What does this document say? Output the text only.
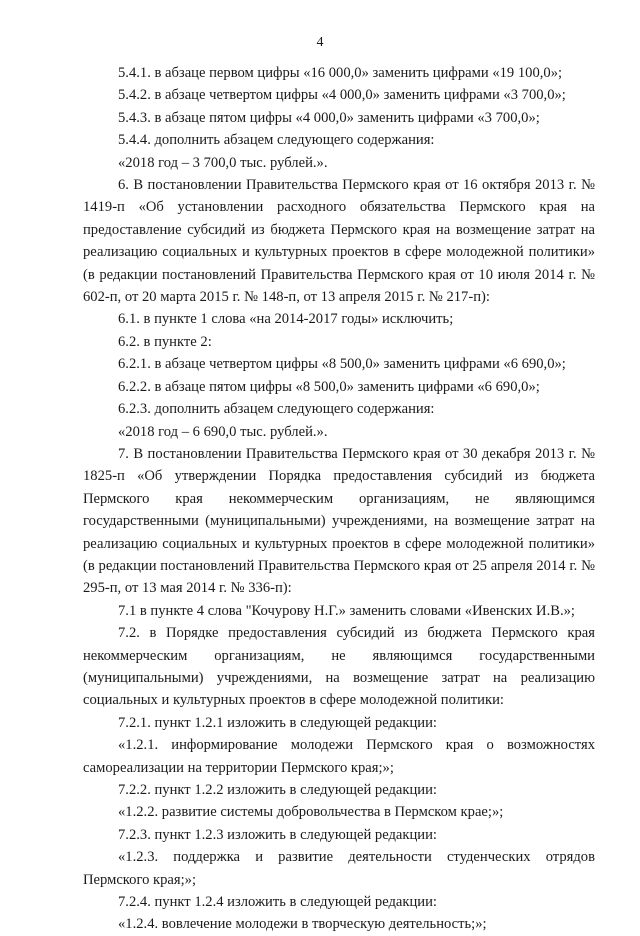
4

5.4.1. в абзаце первом цифры «16 000,0» заменить цифрами «19 100,0»;

5.4.2. в абзаце четвертом цифры «4 000,0» заменить цифрами «3 700,0»;

5.4.3. в абзаце пятом цифры «4 000,0» заменить цифрами «3 700,0»;

5.4.4. дополнить абзацем следующего содержания:

«2018 год – 3 700,0 тыс. рублей.».

6. В постановлении Правительства Пермского края от 16 октября 2013 г. № 1419-п «Об установлении расходного обязательства Пермского края на предоставление субсидий из бюджета Пермского края на возмещение затрат на реализацию социальных и культурных проектов в сфере молодежной политики» (в редакции постановлений Правительства Пермского края от 10 июля 2014 г. № 602-п, от 20 марта 2015 г. № 148-п, от 13 апреля 2015 г. № 217-п):

6.1. в пункте 1 слова «на 2014-2017 годы» исключить;

6.2. в пункте 2:

6.2.1. в абзаце четвертом цифры «8 500,0» заменить цифрами «6 690,0»;

6.2.2. в абзаце пятом цифры «8 500,0» заменить цифрами «6 690,0»;

6.2.3. дополнить абзацем следующего содержания:

«2018 год – 6 690,0 тыс. рублей.».

7. В постановлении Правительства Пермского края от 30 декабря 2013 г. № 1825-п «Об утверждении Порядка предоставления субсидий из бюджета Пермского края некоммерческим организациям, не являющимся государственными (муниципальными) учреждениями, на возмещение затрат на реализацию социальных и культурных проектов в сфере молодежной политики» (в редакции постановлений Правительства Пермского края от 25 апреля 2014 г. № 295-п, от 13 мая 2014 г. № 336-п):

7.1 в пункте 4 слова "Кочурову Н.Г.» заменить словами «Ивенских И.В.»;

7.2. в Порядке предоставления субсидий из бюджета Пермского края некоммерческим организациям, не являющимся государственными (муниципальными) учреждениями, на возмещение затрат на реализацию социальных и культурных проектов в сфере молодежной политики:

7.2.1. пункт 1.2.1 изложить в следующей редакции:

«1.2.1. информирование молодежи Пермского края о возможностях самореализации на территории Пермского края;»;

7.2.2. пункт 1.2.2 изложить в следующей редакции:

«1.2.2. развитие системы добровольчества в Пермском крае;»;

7.2.3. пункт 1.2.3 изложить в следующей редакции:

«1.2.3. поддержка и развитие деятельности студенческих отрядов Пермского края;»;

7.2.4. пункт 1.2.4 изложить в следующей редакции:

«1.2.4. вовлечение молодежи в творческую деятельность;»;
